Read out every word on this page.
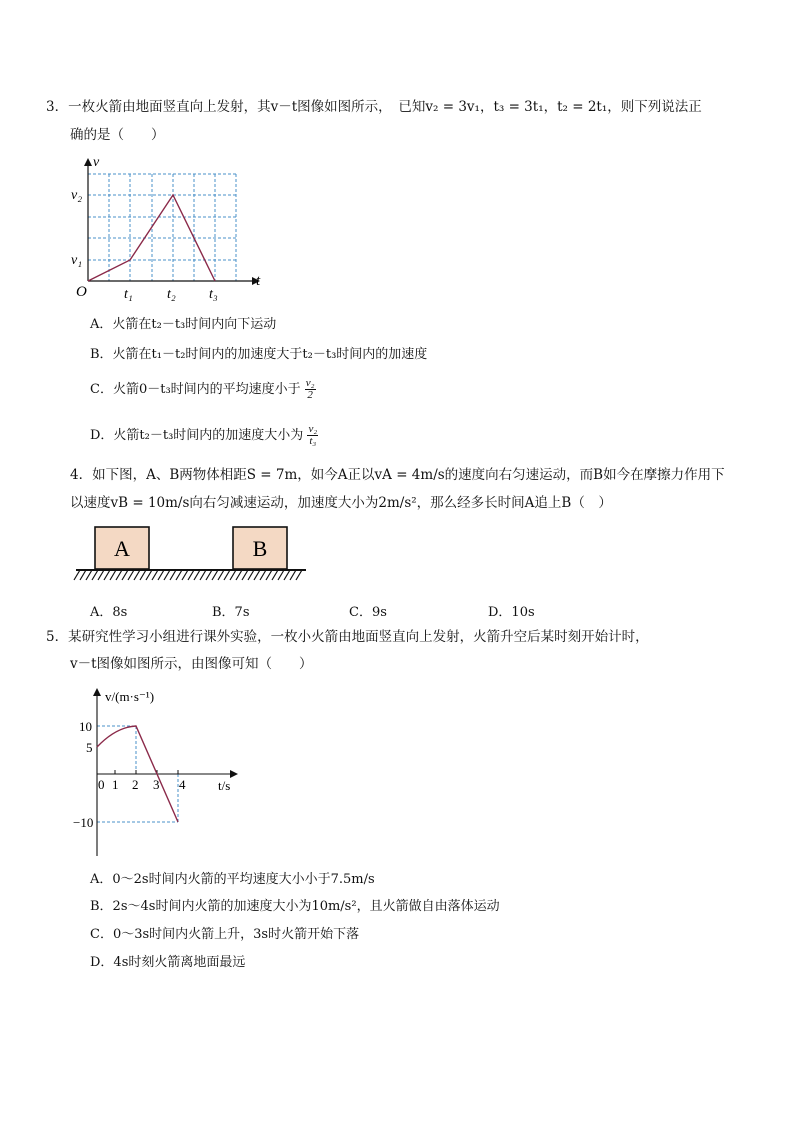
3．一枚火箭由地面竖直向上发射，其v－t图像如图所示，　已知v₂ = 3v₁，t₃ = 3t₁，t₂ = 2t₁，则下列说法正
确的是（　　）
v
t
O
v₂
v₁
t₁ t₂ t₃
A．火箭在t₂－t₃时间内向下运动
B．火箭在t₁－t₂时间内的加速度大于t₂－t₃时间内的加速度
C．火箭0－t₃时间内的平均速度小于 $\frac{\text{v₂}}{2}$
D．火箭t₂－t₃时间内的加速度大小为 $\frac{\text{v₂}}{\text{t₃}}$
4．如下图，A、B两物体相距S = 7m，如今A正以vA = 4m/s的速度向右匀速运动，而B如今在摩擦力作用下
以速度vB = 10m/s向右匀减速运动，加速度大小为2m/s²，那么经多长时间A追上B（　）
A	B
A．8s	B．7s	C．9s	D．10s
5．某研究性学习小组进行课外实验，一枚小火箭由地面竖直向上发射，火箭升空后某时刻开始计时，
v－t图像如图所示，由图像可知（　　）
v/(m·s⁻¹)
t/s
10
5
−10
0 1 2 3 4
A．0～2s时间内火箭的平均速度大小小于7.5m/s
B．2s～4s时间内火箭的加速度大小为10m/s²，且火箭做自由落体运动
C．0～3s时间内火箭上升，3s时火箭开始下落
D．4s时刻火箭离地面最远
